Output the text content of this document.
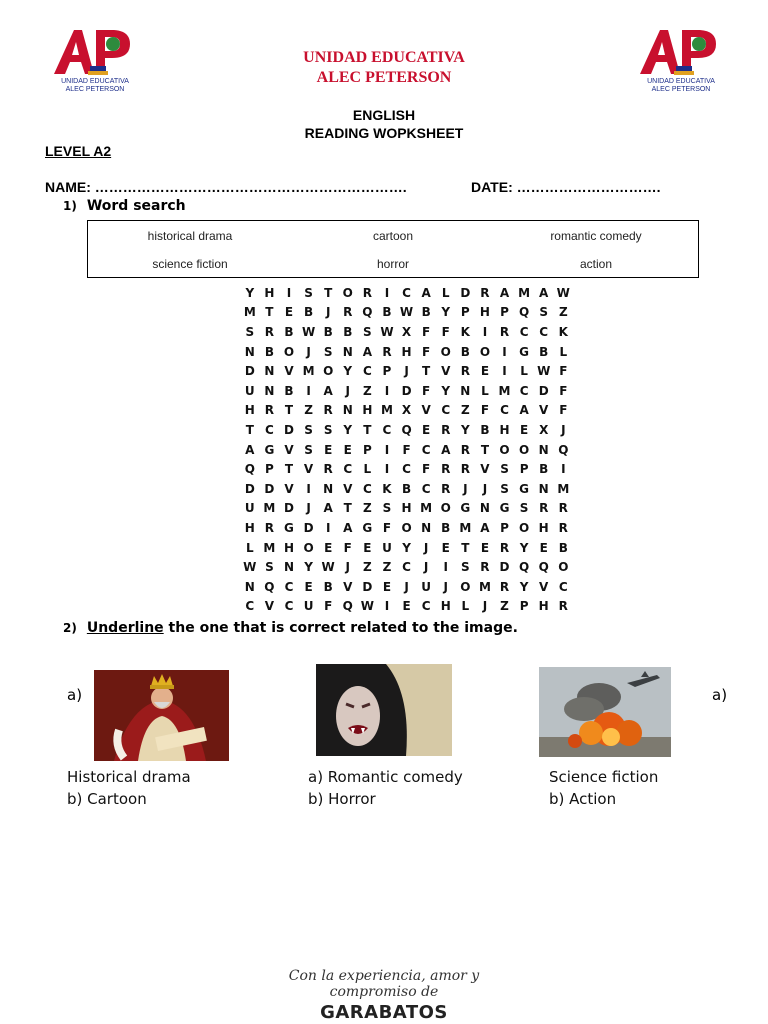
UNIDAD EDUCATIVA
ALEC PETERSON
UNIDAD EDUCATIVA
ALEC PETERSON
UNIDAD EDUCATIVA
ALEC PETERSON
ENGLISH
READING WOPKSHEET
LEVEL A2
NAME: ………………………………………………………….	DATE: ………………………….
1) Word search
historical drama	cartoon	romantic comedy
science fiction	horror	action
Y H	I	S T O R	I	C A L D R A M A W
M T E B	J	R Q B W B Y P H P Q S Z
S R B W B B S W X F F K	I	R C C K
N B O	J	S N A R H F O B O	I	G B L
D N V M O Y C P	J	T V R E	I	L W F
U N B	I	A	J	Z	I	D F Y N L M C D F
H R T Z R N H M X V C Z F C A V F
T C D S S Y T C Q E R Y B H E X	J
A G V S E E P	I	F C A R T O O N Q
Q P T V R C L	I	C F R R V S P B	I
D D V	I	N V C K B C R	J	J	S G N M
U M D	J	A T Z S H M O G N G S R R
H R G D	I	A G F O N B M A P O H R
L M H O E F E U Y	J	E T E R Y E B
W S N Y W J	Z Z C	J	I	S R D Q Q O
N Q C E B V D E	J	U	J	O M R Y V C
C V C U F Q W I	E C H L	J	Z P H R
2) Underline the one that is correct related to the image.
a)	a)
Historical drama
b) Cartoon
a) Romantic comedy
b) Horror
Science fiction
b) Action
Con la experiencia, amor y compromiso de
GARABATOS
